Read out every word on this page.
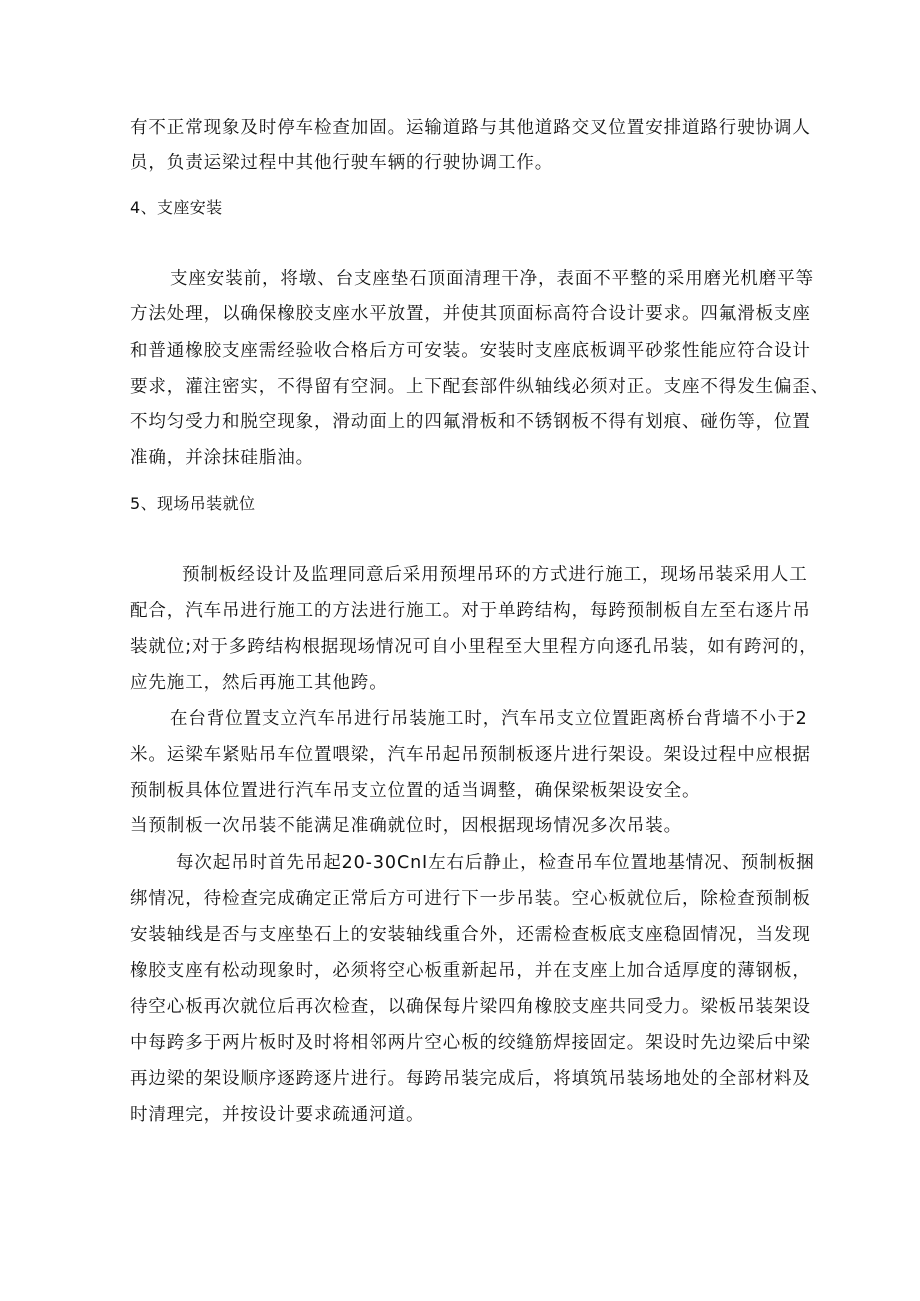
有不正常现象及时停车检查加固。运输道路与其他道路交叉位置安排道路行驶协调人
员，负责运梁过程中其他行驶车辆的行驶协调工作。
4、支座安装
支座安装前，将墩、台支座垫石顶面清理干净，表面不平整的采用磨光机磨平等
方法处理，以确保橡胶支座水平放置，并使其顶面标高符合设计要求。四氟滑板支座
和普通橡胶支座需经验收合格后方可安装。安装时支座底板调平砂浆性能应符合设计
要求，灌注密实，不得留有空洞。上下配套部件纵轴线必须对正。支座不得发生偏歪、
不均匀受力和脱空现象，滑动面上的四氟滑板和不锈钢板不得有划痕、碰伤等，位置
准确，并涂抹硅脂油。
5、现场吊装就位
预制板经设计及监理同意后采用预埋吊环的方式进行施工，现场吊装采用人工
配合，汽车吊进行施工的方法进行施工。对于单跨结构，每跨预制板自左至右逐片吊
装就位;对于多跨结构根据现场情况可自小里程至大里程方向逐孔吊装，如有跨河的，
应先施工，然后再施工其他跨。
在台背位置支立汽车吊进行吊装施工时，汽车吊支立位置距离桥台背墙不小于2
米。运梁车紧贴吊车位置喂梁，汽车吊起吊预制板逐片进行架设。架设过程中应根据
预制板具体位置进行汽车吊支立位置的适当调整，确保梁板架设安全。
当预制板一次吊装不能满足准确就位时，因根据现场情况多次吊装。
每次起吊时首先吊起20-30CnI左右后静止，检查吊车位置地基情况、预制板捆
绑情况，待检查完成确定正常后方可进行下一步吊装。空心板就位后，除检查预制板
安装轴线是否与支座垫石上的安装轴线重合外，还需检查板底支座稳固情况，当发现
橡胶支座有松动现象时，必须将空心板重新起吊，并在支座上加合适厚度的薄钢板，
待空心板再次就位后再次检查，以确保每片梁四角橡胶支座共同受力。梁板吊装架设
中每跨多于两片板时及时将相邻两片空心板的绞缝筋焊接固定。架设时先边梁后中梁
再边梁的架设顺序逐跨逐片进行。每跨吊装完成后，将填筑吊装场地处的全部材料及
时清理完，并按设计要求疏通河道。
